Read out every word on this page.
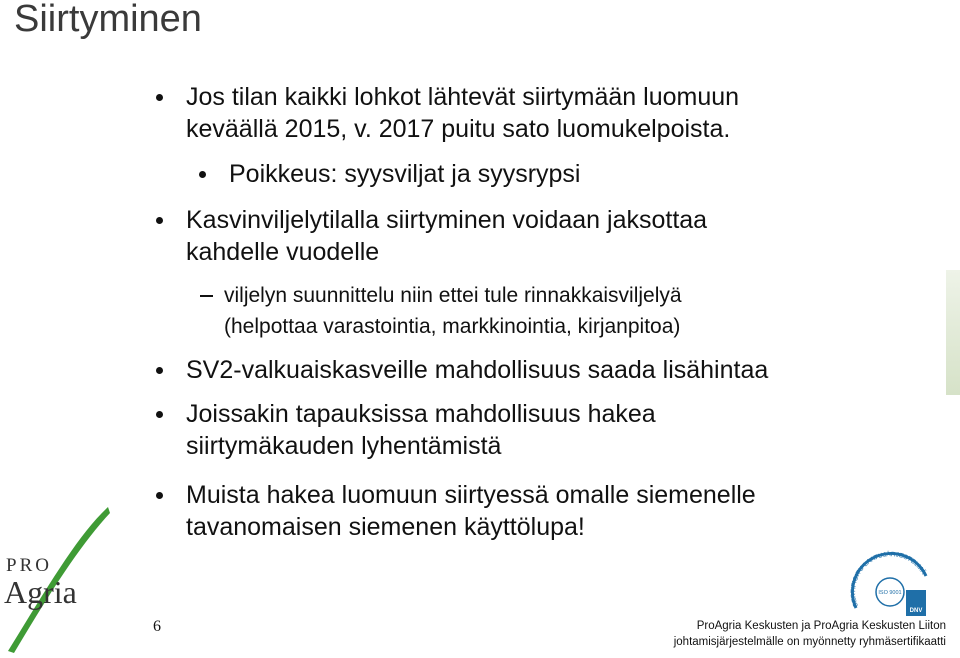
Siirtyminen
Jos tilan kaikki lohkot lähtevät siirtymään luomuun
keväällä 2015, v. 2017 puitu sato luomukelpoista.
Poikkeus: syysviljat ja syysrypsi
Kasvinviljelytilalla siirtyminen voidaan jaksottaa
kahdelle vuodelle
viljelyn suunnittelu niin ettei tule rinnakkaisviljelyä
(helpottaa varastointia, markkinointia, kirjanpitoa)
SV2-valkuaiskasveille mahdollisuus saada lisähintaa
Joissakin tapauksissa mahdollisuus hakea
siirtymäkauden lyhentämistä
Muista hakea luomuun siirtyessä omalle siemenelle
tavanomaisen siemenen käyttölupa!
PRO
Agria	SERTIFIOITU LAATUJÄRJESTELMÄ
ISO 9001
DNV
6	ProAgria Keskusten ja ProAgria Keskusten Liiton
johtamisjärjestelmälle on myönnetty ryhmäsertifikaatti
